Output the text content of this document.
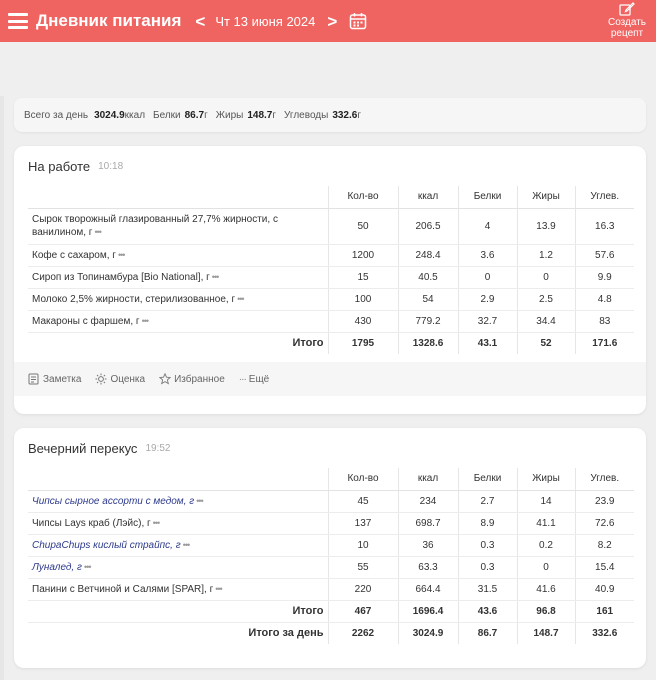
Дневник питания < Чт 13 июня 2024 >	Создать
рецепт
Всего за день 3024.9 ккал Белки 86.7 г Жиры 148.7 г Углеводы 332.6 г
На работе 10:18
	Кол-во	ккал	Белки	Жиры	Углев.
Сырок творожный глазированный 27,7% жирности, с ванилином, г •••	50	206.5	4	13.9	16.3
Кофе с сахаром, г •••	1200	248.4	3.6	1.2	57.6
Сироп из Топинамбура [Bio National], г •••	15	40.5	0	0	9.9
Молоко 2,5% жирности, стерилизованное, г •••	100	54	2.9	2.5	4.8
Макароны с фаршем, г •••	430	779.2	32.7	34.4	83
Итого	1795	1328.6	43.1	52	171.6
Заметка	Оценка	Избранное ··· Ещё
Вечерний перекус 19:52
	Кол-во	ккал	Белки	Жиры	Углев.
Чипсы сырное ассорти с медом, г •••	45	234	2.7	14	23.9
Чипсы Lays краб (Лэйс), г •••	137	698.7	8.9	41.1	72.6
ChupaChups кислый страйпс, г •••	10	36	0.3	0.2	8.2
Луналед, г •••	55	63.3	0.3	0	15.4
Панини с Ветчиной и Салями [SPAR], г •••	220	664.4	31.5	41.6	40.9
Итого	467	1696.4	43.6	96.8	161
Итого за день	2262	3024.9	86.7	148.7	332.6
